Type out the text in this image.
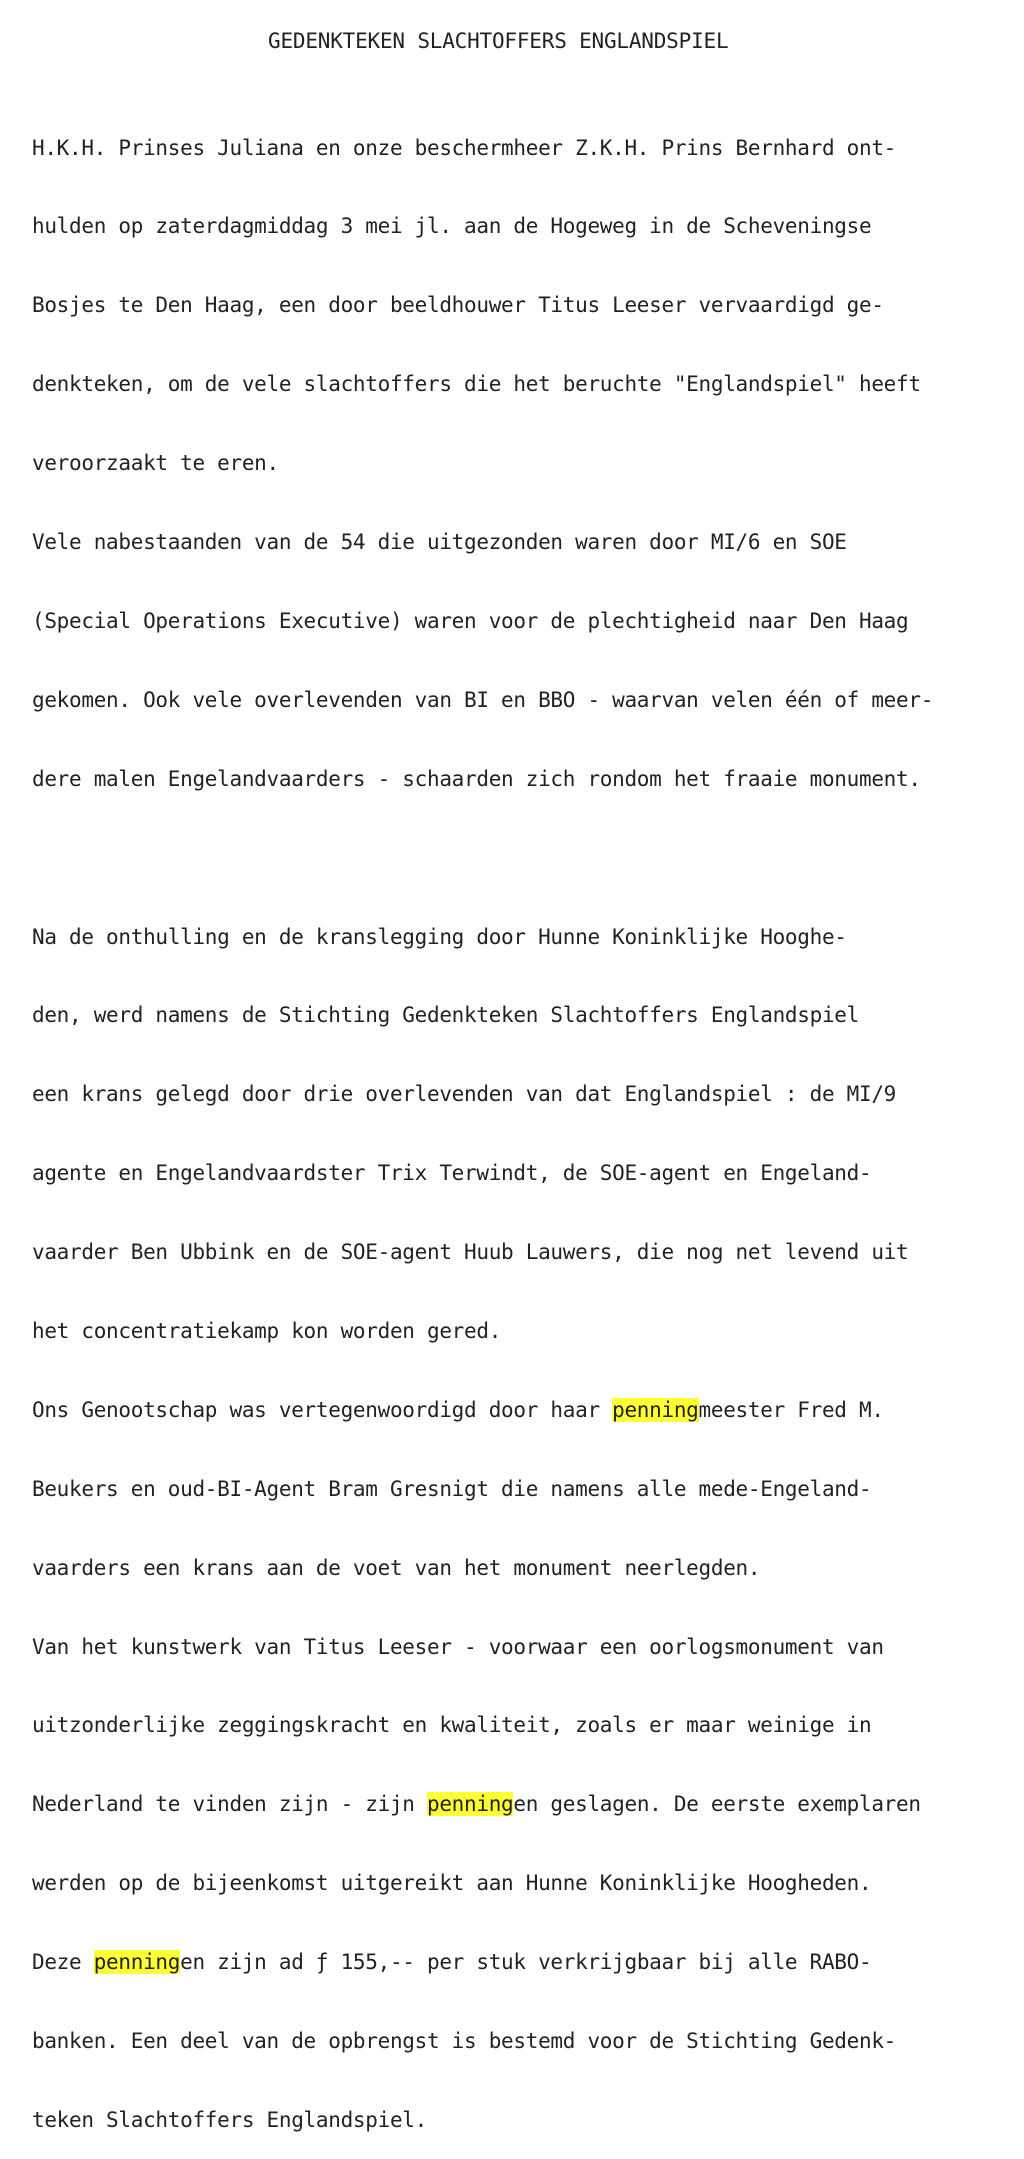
GEDENKTEKEN SLACHTOFFERS ENGLANDSPIEL

H.K.H. Prinses Juliana en onze beschermheer Z.K.H. Prins Bernhard ont-

hulden op zaterdagmiddag 3 mei jl. aan de Hogeweg in de Scheveningse

Bosjes te Den Haag, een door beeldhouwer Titus Leeser vervaardigd ge-

denkteken, om de vele slachtoffers die het beruchte "Englandspiel" heeft

veroorzaakt te eren.

Vele nabestaanden van de 54 die uitgezonden waren door MI/6 en SOE

(Special Operations Executive) waren voor de plechtigheid naar Den Haag

gekomen. Ook vele overlevenden van BI en BBO - waarvan velen één of meer-

dere malen Engelandvaarders - schaarden zich rondom het fraaie monument.

Na de onthulling en de kranslegging door Hunne Koninklijke Hooghe-

den, werd namens de Stichting Gedenkteken Slachtoffers Englandspiel

een krans gelegd door drie overlevenden van dat Englandspiel : de MI/9

agente en Engelandvaardster Trix Terwindt, de SOE-agent en Engeland-

vaarder Ben Ubbink en de SOE-agent Huub Lauwers, die nog net levend uit

het concentratiekamp kon worden gered.

Ons Genootschap was vertegenwoordigd door haar penningmeester Fred M.

Beukers en oud-BI-Agent Bram Gresnigt die namens alle mede-Engeland-

vaarders een krans aan de voet van het monument neerlegden.

Van het kunstwerk van Titus Leeser - voorwaar een oorlogsmonument van

uitzonderlijke zeggingskracht en kwaliteit, zoals er maar weinige in

Nederland te vinden zijn - zijn penningen geslagen. De eerste exemplaren

werden op de bijeenkomst uitgereikt aan Hunne Koninklijke Hoogheden.

Deze penningen zijn ad ƒ 155,-- per stuk verkrijgbaar bij alle RABO-

banken. Een deel van de opbrengst is bestemd voor de Stichting Gedenk-

teken Slachtoffers Englandspiel.
